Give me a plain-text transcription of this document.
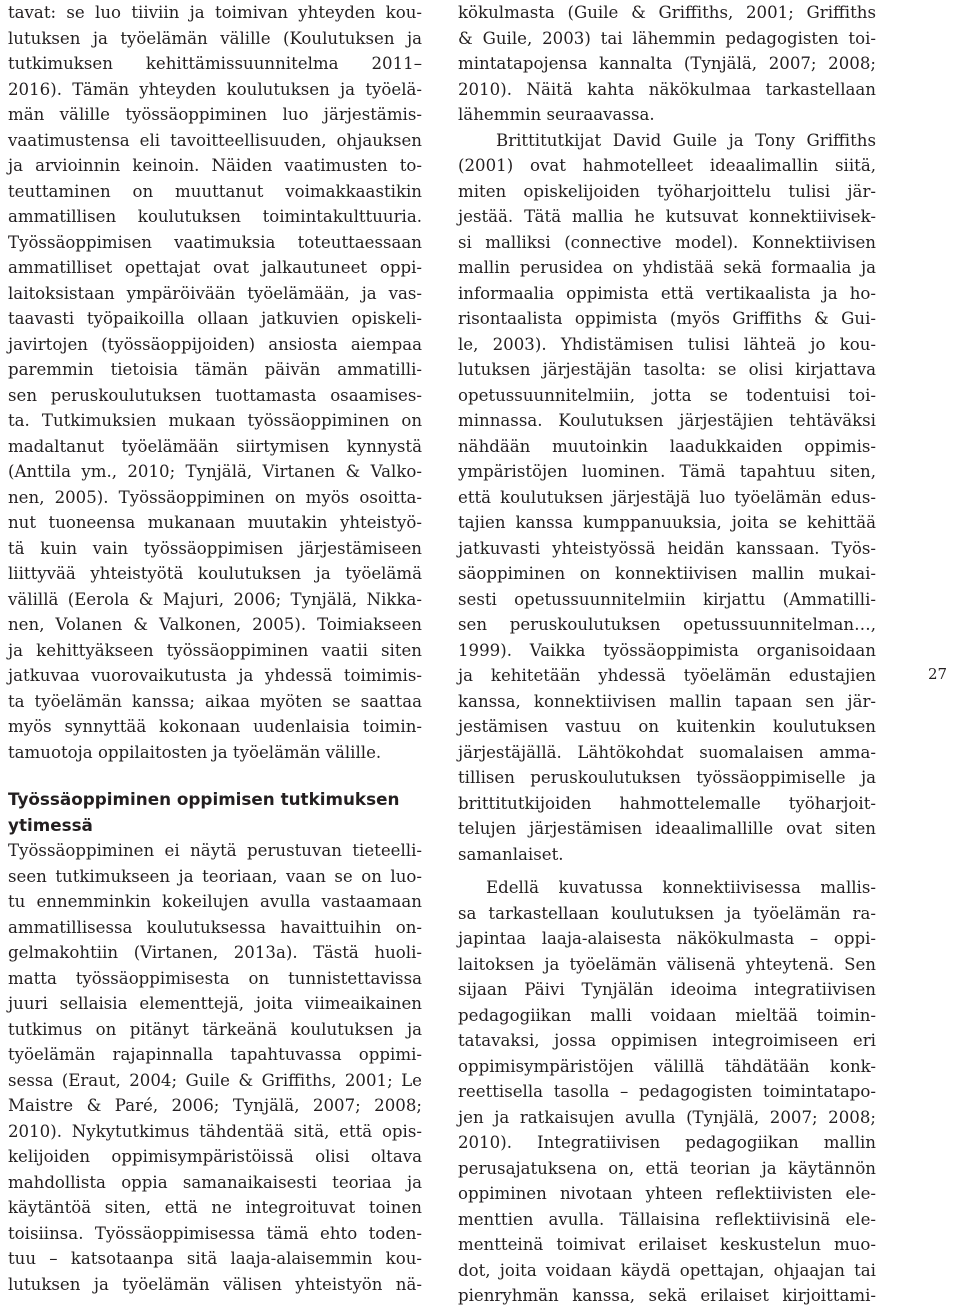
tavat: se luo tiiviin ja toimivan yhteyden kou-
lutuksen ja työelämän välille (Koulutuksen ja
tutkimuksen kehittämissuunnitelma 2011–
2016). Tämän yhteyden koulutuksen ja työelä-
män välille työssäoppiminen luo järjestämis-
vaatimustensa eli tavoitteellisuuden, ohjauksen
ja arvioinnin keinoin. Näiden vaatimusten to-
teuttaminen on muuttanut voimakkaastikin
ammatillisen koulutuksen toimintakulttuuria.
Työssäoppimisen vaatimuksia toteuttaessaan
ammatilliset opettajat ovat jalkautuneet oppi-
laitoksistaan ympäröivään työelämään, ja vas-
taavasti työpaikoilla ollaan jatkuvien opiskeli-
javirtojen (työssäoppijoiden) ansiosta aiempaa
paremmin tietoisia tämän päivän ammatilli-
sen peruskoulutuksen tuottamasta osaamises-
ta. Tutkimuksien mukaan työssäoppiminen on
madaltanut työelämään siirtymisen kynnystä
(Anttila ym., 2010; Tynjälä, Virtanen & Valko-
nen, 2005). Työssäoppiminen on myös osoitta-
nut tuoneensa mukanaan muutakin yhteistyö-
tä kuin vain työssäoppimisen järjestämiseen
liittyvää yhteistyötä koulutuksen ja työelämä
välillä (Eerola & Majuri, 2006; Tynjälä, Nikka-
nen, Volanen & Valkonen, 2005). Toimiakseen
ja kehittyäkseen työssäoppiminen vaatii siten
jatkuvaa vuorovaikutusta ja yhdessä toimimis-
ta työelämän kanssa; aikaa myöten se saattaa
myös synnyttää kokonaan uudenlaisia toimin-
tamuotoja oppilaitosten ja työelämän välille.
Työssäoppiminen oppimisen tutkimuksen
ytimessä
Työssäoppiminen ei näytä perustuvan tieteelli-
seen tutkimukseen ja teoriaan, vaan se on luo-
tu ennemminkin kokeilujen avulla vastaamaan
ammatillisessa koulutuksessa havaittuihin on-
gelmakohtiin (Virtanen, 2013a). Tästä huoli-
matta työssäoppimisesta on tunnistettavissa
juuri sellaisia elementtejä, joita viimeaikainen
tutkimus on pitänyt tärkeänä koulutuksen ja
työelämän rajapinnalla tapahtuvassa oppimi-
sessa (Eraut, 2004; Guile & Griffiths, 2001; Le
Maistre & Paré, 2006; Tynjälä, 2007; 2008;
2010). Nykytutkimus tähdentää sitä, että opis-
kelijoiden oppimisympäristöissä olisi oltava
mahdollista oppia samanaikaisesti teoriaa ja
käytäntöä siten, että ne integroituvat toinen
toisiinsa. Työssäoppimisessa tämä ehto toden-
tuu – katsotaanpa sitä laaja-alaisemmin kou-
lutuksen ja työelämän välisen yhteistyön nä-
kökulmasta (Guile & Griffiths, 2001; Griffiths
& Guile, 2003) tai lähemmin pedagogisten toi-
mintatapojensa kannalta (Tynjälä, 2007; 2008;
2010). Näitä kahta näkökulmaa tarkastellaan
lähemmin seuraavassa.
Brittitutkijat David Guile ja Tony Griffiths
(2001) ovat hahmotelleet ideaalimallin siitä,
miten opiskelijoiden työharjoittelu tulisi jär-
jestää. Tätä mallia he kutsuvat konnektiivisek-
si malliksi (connective model). Konnektiivisen
mallin perusidea on yhdistää sekä formaalia ja
informaalia oppimista että vertikaalista ja ho-
risontaalista oppimista (myös Griffiths & Gui-
le, 2003). Yhdistämisen tulisi lähteä jo kou-
lutuksen järjestäjän tasolta: se olisi kirjattava
opetussuunnitelmiin, jotta se todentuisi toi-
minnassa. Koulutuksen järjestäjien tehtäväksi
nähdään muutoinkin laadukkaiden oppimis-
ympäristöjen luominen. Tämä tapahtuu siten,
että koulutuksen järjestäjä luo työelämän edus-
tajien kanssa kumppanuuksia, joita se kehittää
jatkuvasti yhteistyössä heidän kanssaan. Työs-
säoppiminen on konnektiivisen mallin mukai-
sesti opetussuunnitelmiin kirjattu (Ammatilli-
sen peruskoulutuksen opetussuunnitelman…,
1999). Vaikka työssäoppimista organisoidaan
ja kehitetään yhdessä työelämän edustajien
kanssa, konnektiivisen mallin tapaan sen jär-
jestämisen vastuu on kuitenkin koulutuksen
järjestäjällä. Lähtökohdat suomalaisen amma-
tillisen peruskoulutuksen työssäoppimiselle ja
brittitutkijoiden hahmottelemalle työharjoit-
telujen järjestämisen ideaalimallille ovat siten
samanlaiset.
Edellä kuvatussa konnektiivisessa mallis-
sa tarkastellaan koulutuksen ja työelämän ra-
japintaa laaja-alaisesta näkökulmasta – oppi-
laitoksen ja työelämän välisenä yhteytenä. Sen
sijaan Päivi Tynjälän ideoima integratiivisen
pedagogiikan malli voidaan mieltää toimin-
tatavaksi, jossa oppimisen integroimiseen eri
oppimisympäristöjen välillä tähdätään konk-
reettisella tasolla – pedagogisten toimintatapo-
jen ja ratkaisujen avulla (Tynjälä, 2007; 2008;
2010). Integratiivisen pedagogiikan mallin
perusajatuksena on, että teorian ja käytännön
oppiminen nivotaan yhteen reflektiivisten ele-
menttien avulla. Tällaisina reflektiivisinä ele-
mentteinä toimivat erilaiset keskustelun muo-
dot, joita voidaan käydä opettajan, ohjaajan tai
pienryhmän kanssa, sekä erilaiset kirjoittami-
27
